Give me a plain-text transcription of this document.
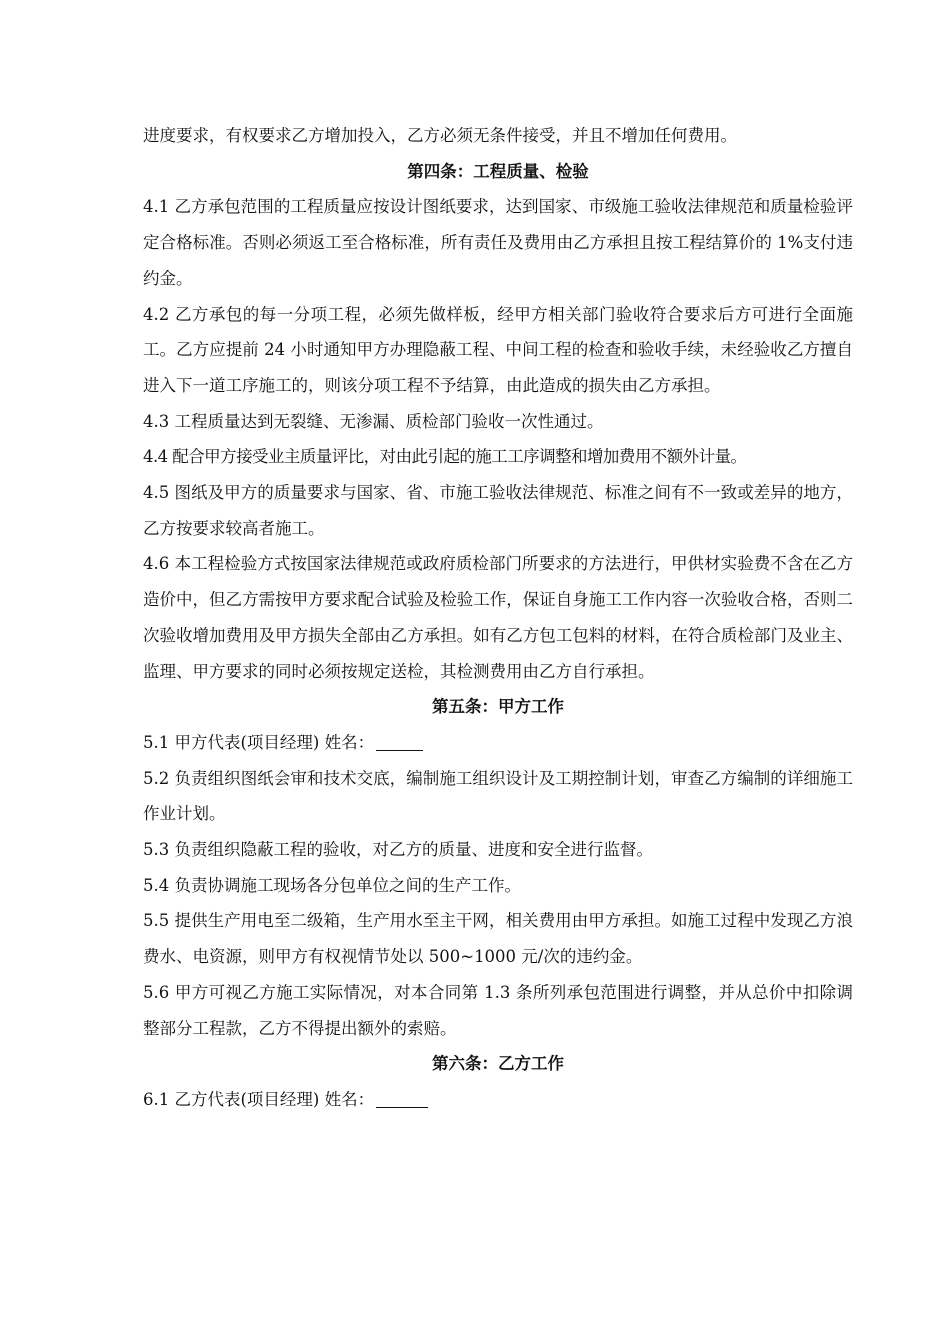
进度要求，有权要求乙方增加投入，乙方必须无条件接受，并且不增加任何费用。

第四条：工程质量、检验

4.1 乙方承包范围的工程质量应按设计图纸要求，达到国家、市级施工验收法律规范和质量检验评定合格标准。否则必须返工至合格标准，所有责任及费用由乙方承担且按工程结算价的 1%支付违约金。

4.2 乙方承包的每一分项工程，必须先做样板，经甲方相关部门验收符合要求后方可进行全面施工。乙方应提前 24 小时通知甲方办理隐蔽工程、中间工程的检查和验收手续，未经验收乙方擅自进入下一道工序施工的，则该分项工程不予结算，由此造成的损失由乙方承担。

4.3 工程质量达到无裂缝、无渗漏、质检部门验收一次性通过。

4.4 配合甲方接受业主质量评比，对由此引起的施工工序调整和增加费用不额外计量。

4.5 图纸及甲方的质量要求与国家、省、市施工验收法律规范、标准之间有不一致或差异的地方，乙方按要求较高者施工。

4.6 本工程检验方式按国家法律规范或政府质检部门所要求的方法进行，甲供材实验费不含在乙方造价中，但乙方需按甲方要求配合试验及检验工作，保证自身施工工作内容一次验收合格，否则二次验收增加费用及甲方损失全部由乙方承担。如有乙方包工包料的材料，在符合质检部门及业主、监理、甲方要求的同时必须按规定送检，其检测费用由乙方自行承担。

第五条：甲方工作

5.1 甲方代表(项目经理) 姓名：

5.2 负责组织图纸会审和技术交底，编制施工组织设计及工期控制计划，审查乙方编制的详细施工作业计划。

5.3 负责组织隐蔽工程的验收，对乙方的质量、进度和安全进行监督。

5.4 负责协调施工现场各分包单位之间的生产工作。

5.5 提供生产用电至二级箱，生产用水至主干网，相关费用由甲方承担。如施工过程中发现乙方浪费水、电资源，则甲方有权视情节处以 500~1000 元/次的违约金。

5.6 甲方可视乙方施工实际情况，对本合同第 1.3 条所列承包范围进行调整，并从总价中扣除调整部分工程款，乙方不得提出额外的索赔。

第六条：乙方工作

6.1 乙方代表(项目经理) 姓名：
